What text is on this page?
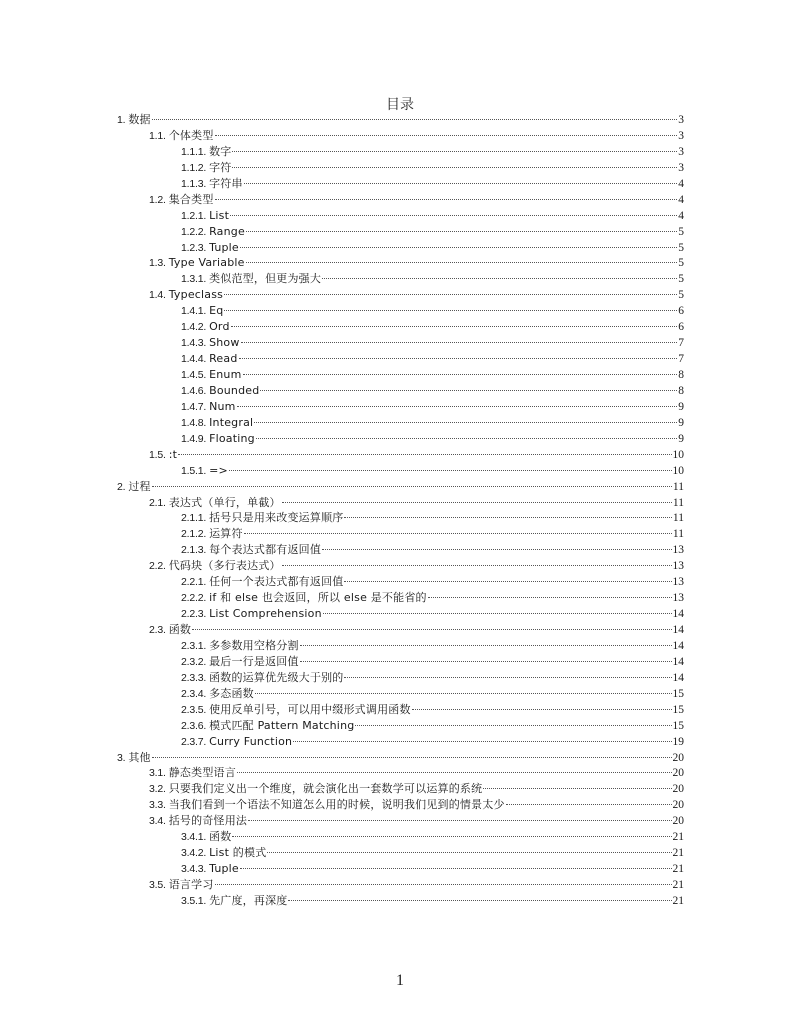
目录
1. 数据	3
1.1. 个体类型	3
1.1.1. 数字	3
1.1.2. 字符	3
1.1.3. 字符串	4
1.2. 集合类型	4
1.2.1. List	4
1.2.2. Range	5
1.2.3. Tuple	5
1.3. Type Variable	5
1.3.1. 类似范型，但更为强大	5
1.4. Typeclass	5
1.4.1. Eq	6
1.4.2. Ord	6
1.4.3. Show	7
1.4.4. Read	7
1.4.5. Enum	8
1.4.6. Bounded	8
1.4.7. Num	9
1.4.8. Integral	9
1.4.9. Floating	9
1.5. :t	10
1.5.1. =>	10
2. 过程	11
2.1. 表达式（单行，单截）	11
2.1.1. 括号只是用来改变运算顺序	11
2.1.2. 运算符	11
2.1.3. 每个表达式都有返回值	13
2.2. 代码块（多行表达式）	13
2.2.1. 任何一个表达式都有返回值	13
2.2.2. if 和 else 也会返回，所以 else 是不能省的	13
2.2.3. List Comprehension	14
2.3. 函数	14
2.3.1. 多参数用空格分割	14
2.3.2. 最后一行是返回值	14
2.3.3. 函数的运算优先级大于别的	14
2.3.4. 多态函数	15
2.3.5. 使用反单引号，可以用中缀形式调用函数	15
2.3.6. 模式匹配 Pattern Matching	15
2.3.7. Curry Function	19
3. 其他	20
3.1. 静态类型语言	20
3.2. 只要我们定义出一个维度，就会演化出一套数学可以运算的系统	20
3.3. 当我们看到一个语法不知道怎么用的时候，说明我们见到的情景太少	20
3.4. 括号的奇怪用法	20
3.4.1. 函数	21
3.4.2. List 的模式	21
3.4.3. Tuple	21
3.5. 语言学习	21
3.5.1. 先广度，再深度	21
1
